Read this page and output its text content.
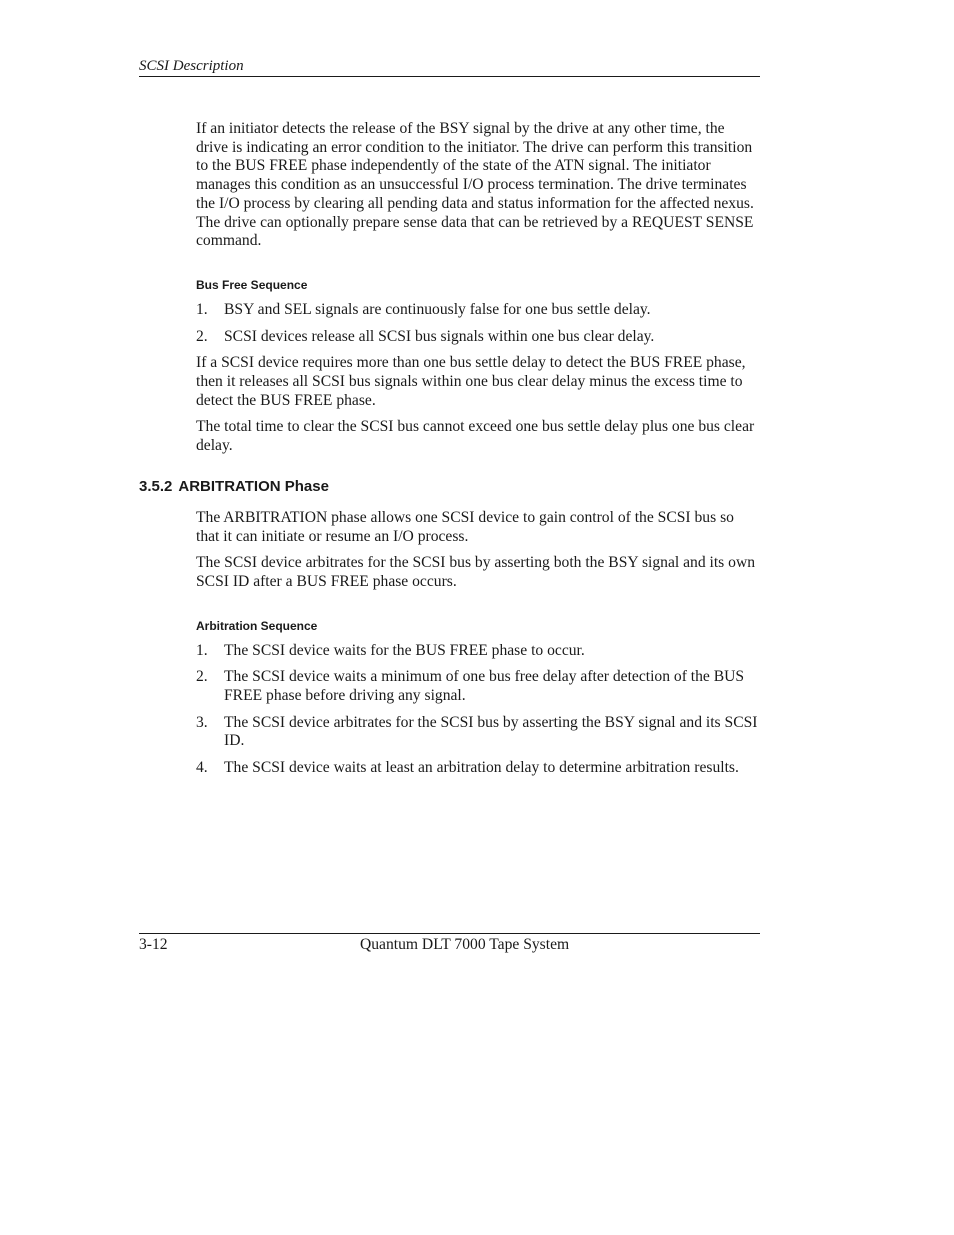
SCSI Description

If an initiator detects the release of the BSY signal by the drive at any other time, the drive is indicating an error condition to the initiator. The drive can perform this transition to the BUS FREE phase independently of the state of the ATN signal. The initiator manages this condition as an unsuccessful I/O process termination. The drive terminates the I/O process by clearing all pending data and status information for the affected nexus. The drive can optionally prepare sense data that can be retrieved by a REQUEST SENSE command.

Bus Free Sequence
1.	BSY and SEL signals are continuously false for one bus settle delay.
2.	SCSI devices release all SCSI bus signals within one bus clear delay.

If a SCSI device requires more than one bus settle delay to detect the BUS FREE phase, then it releases all SCSI bus signals within one bus clear delay minus the excess time to detect the BUS FREE phase.

The total time to clear the SCSI bus cannot exceed one bus settle delay plus one bus clear delay.

3.5.2 ARBITRATION Phase

The ARBITRATION phase allows one SCSI device to gain control of the SCSI bus so that it can initiate or resume an I/O process.

The SCSI device arbitrates for the SCSI bus by asserting both the BSY signal and its own SCSI ID after a BUS FREE phase occurs.

Arbitration Sequence
1.	The SCSI device waits for the BUS FREE phase to occur.
2.	The SCSI device waits a minimum of one bus free delay after detection of the BUS FREE phase before driving any signal.
3.	The SCSI device arbitrates for the SCSI bus by asserting the BSY signal and its SCSI ID.
4.	The SCSI device waits at least an arbitration delay to determine arbitration results.
3-12	Quantum DLT 7000 Tape System
